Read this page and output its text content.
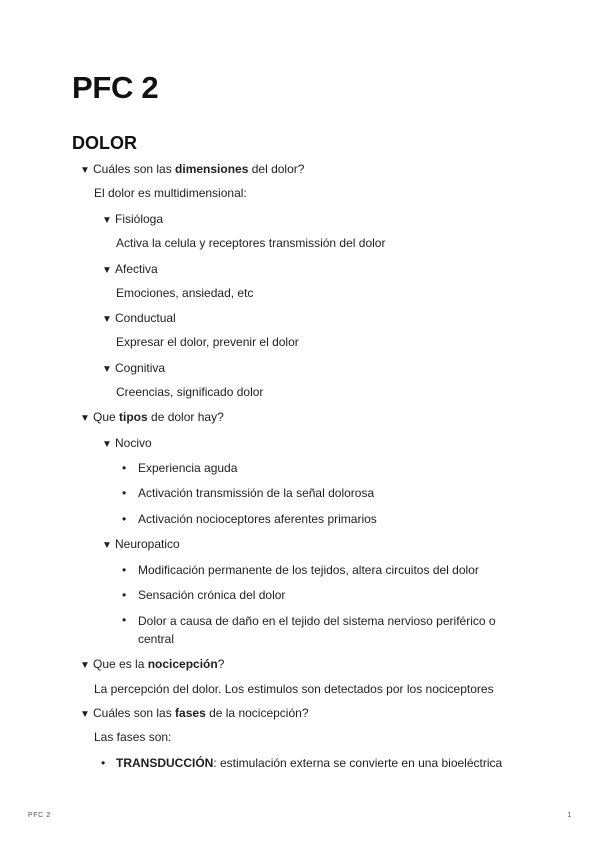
PFC 2
DOLOR
▼ Cuáles son las dimensiones del dolor?
El dolor es multidimensional:
▼ Fisióloga
Activa la celula y receptores transmissión del dolor
▼ Afectiva
Emociones, ansiedad, etc
▼ Conductual
Expresar el dolor, prevenir el dolor
▼ Cognitiva
Creencias, significado dolor
▼ Que tipos de dolor hay?
▼ Nocivo
• Experiencia aguda
• Activación transmissión de la señal dolorosa
• Activación nocioceptores aferentes primarios
▼ Neuropatico
• Modificación permanente de los tejidos, altera circuitos del dolor
• Sensación crónica del dolor
• Dolor a causa de daño en el tejido del sistema nervioso periférico o central
▼ Que es la nocicepción?
La percepción del dolor. Los estimulos son detectados por los nociceptores
▼ Cuáles son las fases de la nocicepción?
Las fases son:
• TRANSDUCCIÓN: estimulación externa se convierte en una bioeléctrica
PFC 2	1
